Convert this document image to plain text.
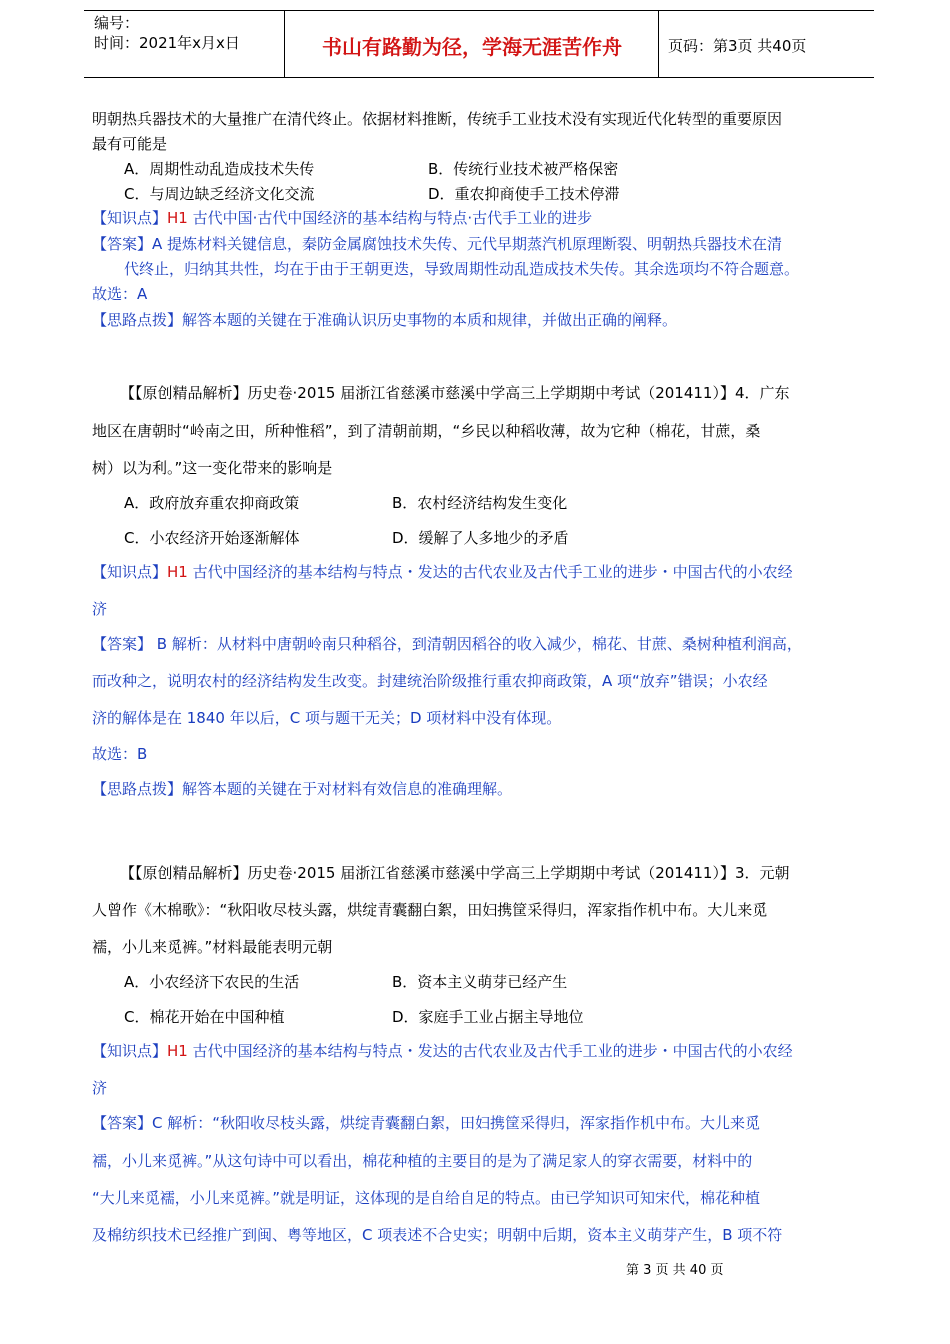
编号：
时间：2021年x月x日	书山有路勤为径，学海无涯苦作舟	页码：第3页 共40页
明朝热兵器技术的大量推广在清代终止。依据材料推断，传统手工业技术没有实现近代化转型的重要原因
最有可能是
A．周期性动乱造成技术失传	B．传统行业技术被严格保密
C．与周边缺乏经济文化交流	D．重农抑商使手工技术停滞
【知识点】H1 古代中国·古代中国经济的基本结构与特点·古代手工业的进步
【答案】A 提炼材料关键信息，秦防金属腐蚀技术失传、元代早期蒸汽机原理断裂、明朝热兵器技术在清
代终止，归纳其共性，均在于由于王朝更迭，导致周期性动乱造成技术失传。其余选项均不符合题意。
故选：A
【思路点拨】解答本题的关键在于准确认识历史事物的本质和规律，并做出正确的阐释。
【【原创精品解析】历史卷·2015 届浙江省慈溪市慈溪中学高三上学期期中考试（201411）】4．广东
地区在唐朝时“岭南之田，所种惟稻”，到了清朝前期，“乡民以种稻收薄，故为它种（棉花，甘蔗，桑
树）以为利。”这一变化带来的影响是
A．政府放弃重农抑商政策	B．农村经济结构发生变化
C．小农经济开始逐渐解体	D．缓解了人多地少的矛盾
【知识点】H1 古代中国经济的基本结构与特点・发达的古代农业及古代手工业的进步・中国古代的小农经
济
【答案】 B 解析：从材料中唐朝岭南只种稻谷，到清朝因稻谷的收入减少，棉花、甘蔗、桑树种植利润高，
而改种之，说明农村的经济结构发生改变。封建统治阶级推行重农抑商政策，A 项“放弃”错误；小农经
济的解体是在 1840 年以后，C 项与题干无关；D 项材料中没有体现。
故选：B
【思路点拨】解答本题的关键在于对材料有效信息的准确理解。
【【原创精品解析】历史卷·2015 届浙江省慈溪市慈溪中学高三上学期期中考试（201411）】3．元朝
人曾作《木棉歌》：“秋阳收尽枝头露，烘绽青囊翻白絮，田妇携筐采得归，浑家指作机中布。大儿来觅
襦，小儿来觅裤。”材料最能表明元朝
A．小农经济下农民的生活	B．资本主义萌芽已经产生
C．棉花开始在中国种植	D．家庭手工业占据主导地位
【知识点】H1 古代中国经济的基本结构与特点・发达的古代农业及古代手工业的进步・中国古代的小农经
济
【答案】C 解析：“秋阳收尽枝头露，烘绽青囊翻白絮，田妇携筐采得归，浑家指作机中布。大儿来觅
襦，小儿来觅裤。”从这句诗中可以看出，棉花种植的主要目的是为了满足家人的穿衣需要，材料中的
“大儿来觅襦，小儿来觅裤。”就是明证，这体现的是自给自足的特点。由已学知识可知宋代，棉花种植
及棉纺织技术已经推广到闽、粤等地区，C 项表述不合史实；明朝中后期，资本主义萌芽产生，B 项不符
第 3 页 共 40 页
